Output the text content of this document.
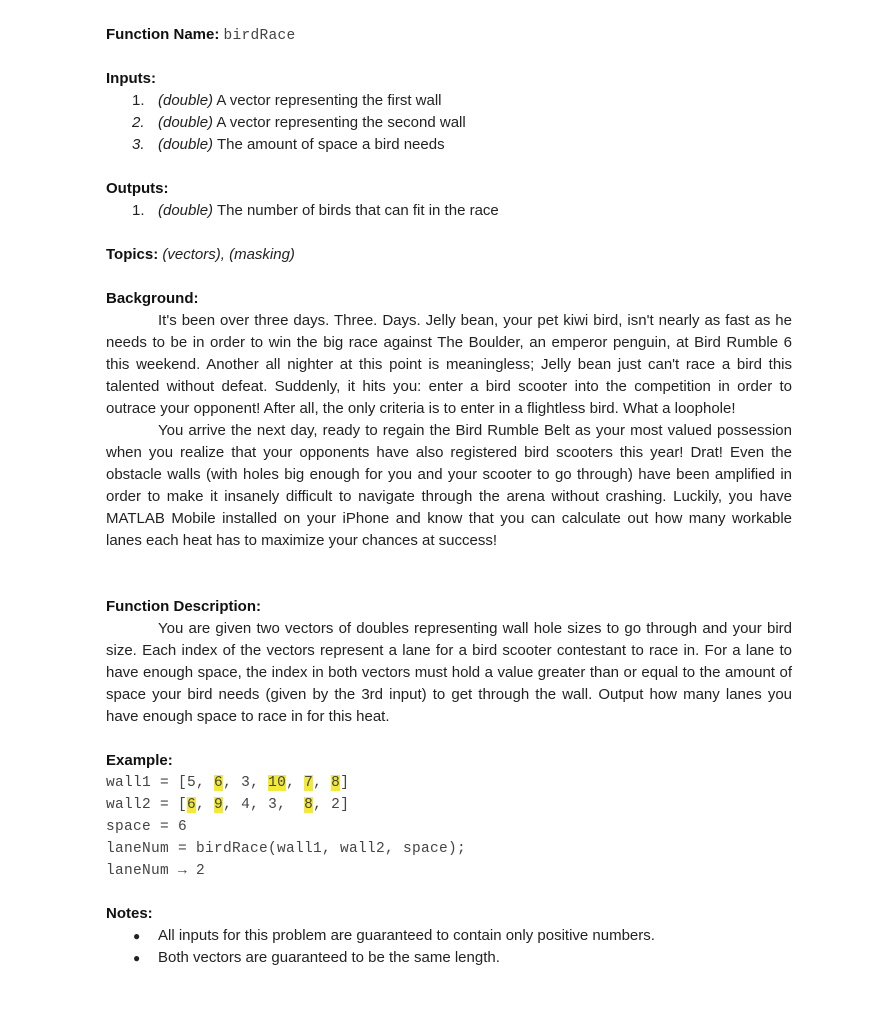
Function Name: birdRace
Inputs:
1. (double) A vector representing the first wall
2. (double) A vector representing the second wall
3. (double) The amount of space a bird needs
Outputs:
1. (double) The number of birds that can fit in the race
Topics: (vectors), (masking)
Background:

It's been over three days. Three. Days. Jelly bean, your pet kiwi bird, isn't nearly as fast as he needs to be in order to win the big race against The Boulder, an emperor penguin, at Bird Rumble 6 this weekend. Another all nighter at this point is meaningless; Jelly bean just can't race a bird this talented without defeat. Suddenly, it hits you: enter a bird scooter into the competition in order to outrace your opponent! After all, the only criteria is to enter in a flightless bird. What a loophole!

You arrive the next day, ready to regain the Bird Rumble Belt as your most valued possession when you realize that your opponents have also registered bird scooters this year! Drat! Even the obstacle walls (with holes big enough for you and your scooter to go through) have been amplified in order to make it insanely difficult to navigate through the arena without crashing. Luckily, you have MATLAB Mobile installed on your iPhone and know that you can calculate out how many workable lanes each heat has to maximize your chances at success!

Function Description:

You are given two vectors of doubles representing wall hole sizes to go through and your bird size. Each index of the vectors represent a lane for a bird scooter contestant to race in. For a lane to have enough space, the index in both vectors must hold a value greater than or equal to the amount of space your bird needs (given by the 3rd input) to get through the wall. Output how many lanes you have enough space to race in for this heat.

Example:
wall1 = [5, 6, 3, 10, 7, 8]
wall2 = [6, 9, 4, 3,  8, 2]
space = 6
laneNum = birdRace(wall1, wall2, space);
laneNum → 2
Notes:
● All inputs for this problem are guaranteed to contain only positive numbers.
● Both vectors are guaranteed to be the same length.
